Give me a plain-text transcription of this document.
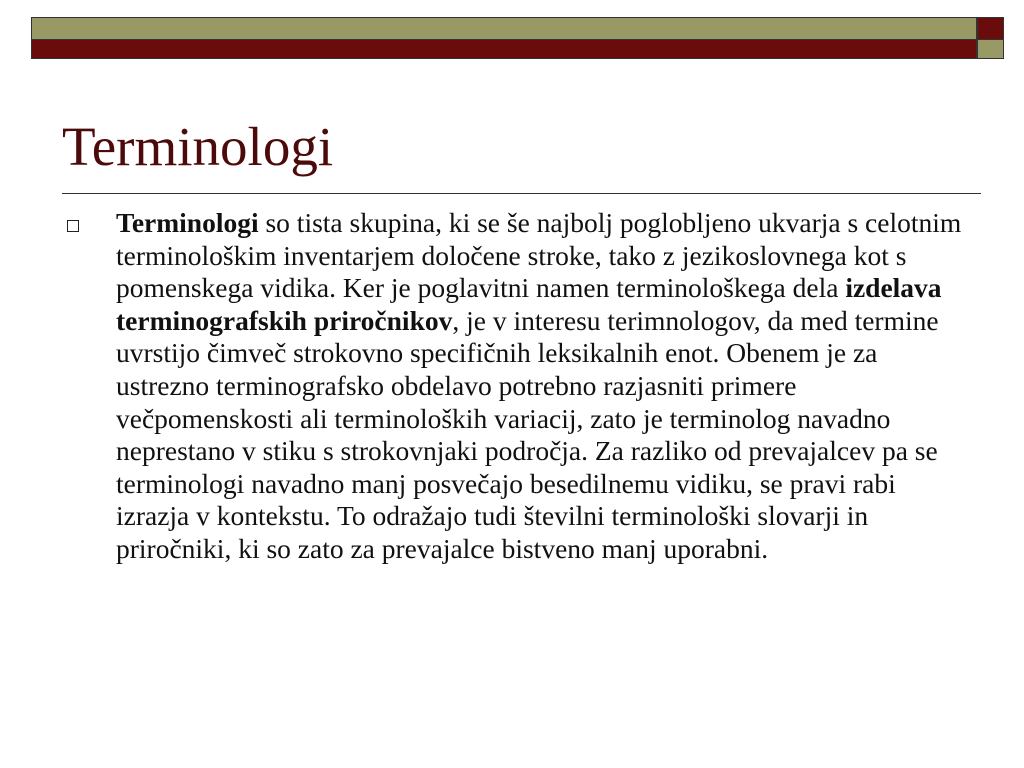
Terminologi

Terminologi so tista skupina, ki se še najbolj poglobljeno ukvarja s celotnim terminološkim inventarjem določene stroke, tako z jezikoslovnega kot s pomenskega vidika. Ker je poglavitni namen terminološkega dela izdelava terminografskih priročnikov, je v interesu terimnologov, da med termine uvrstijo čimveč strokovno specifičnih leksikalnih enot. Obenem je za ustrezno terminografsko obdelavo potrebno razjasniti primere večpomenskosti ali terminoloških variacij, zato je terminolog navadno neprestano v stiku s strokovnjaki področja. Za razliko od prevajalcev pa se terminologi navadno manj posvečajo besedilnemu vidiku, se pravi rabi izrazja v kontekstu. To odražajo tudi številni terminološki slovarji in priročniki, ki so zato za prevajalce bistveno manj uporabni.
